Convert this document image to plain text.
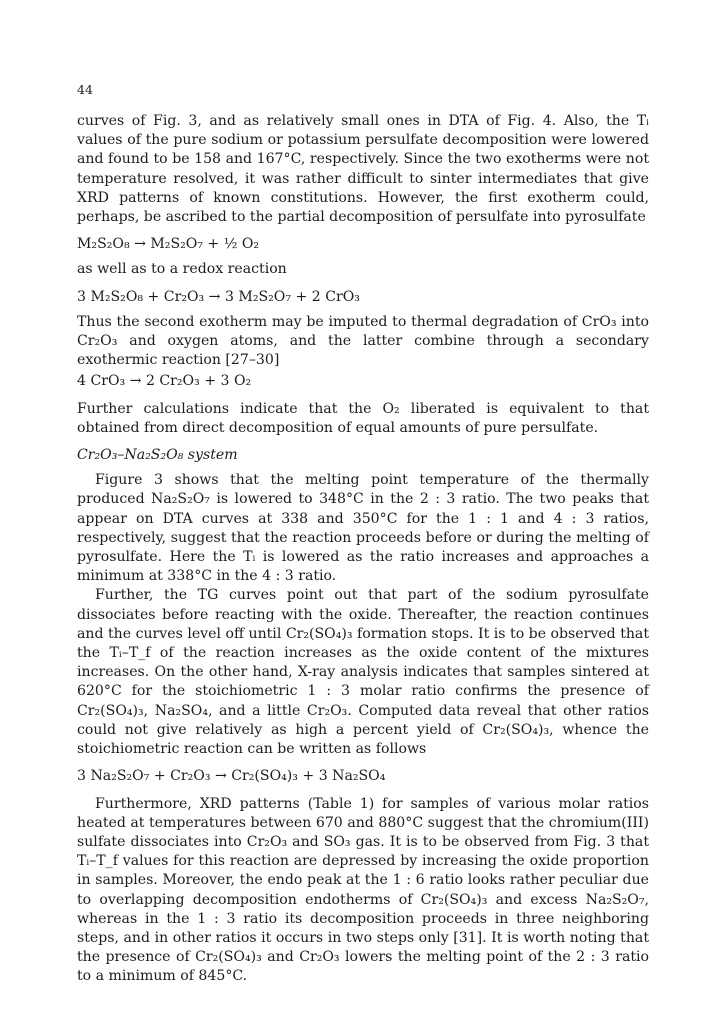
44

curves of Fig. 3, and as relatively small ones in DTA of Fig. 4. Also, the Tᵢ values of the pure sodium or potassium persulfate decomposition were lowered and found to be 158 and 167°C, respectively. Since the two exotherms were not temperature resolved, it was rather difficult to sinter intermediates that give XRD patterns of known constitutions. However, the first exotherm could, perhaps, be ascribed to the partial decomposition of persulfate into pyrosulfate

M₂S₂O₈ → M₂S₂O₇ + ½ O₂

as well as to a redox reaction

3 M₂S₂O₈ + Cr₂O₃ → 3 M₂S₂O₇ + 2 CrO₃

Thus the second exotherm may be imputed to thermal degradation of CrO₃ into Cr₂O₃ and oxygen atoms, and the latter combine through a secondary exothermic reaction [27–30]

4 CrO₃ → 2 Cr₂O₃ + 3 O₂

Further calculations indicate that the O₂ liberated is equivalent to that obtained from direct decomposition of equal amounts of pure persulfate.

Cr₂O₃–Na₂S₂O₈ system

Figure 3 shows that the melting point temperature of the thermally produced Na₂S₂O₇ is lowered to 348°C in the 2 : 3 ratio. The two peaks that appear on DTA curves at 338 and 350°C for the 1 : 1 and 4 : 3 ratios, respectively, suggest that the reaction proceeds before or during the melting of pyrosulfate. Here the Tᵢ is lowered as the ratio increases and approaches a minimum at 338°C in the 4 : 3 ratio.

Further, the TG curves point out that part of the sodium pyrosulfate dissociates before reacting with the oxide. Thereafter, the reaction continues and the curves level off until Cr₂(SO₄)₃ formation stops. It is to be observed that the Tᵢ–T_f of the reaction increases as the oxide content of the mixtures increases. On the other hand, X-ray analysis indicates that samples sintered at 620°C for the stoichiometric 1 : 3 molar ratio confirms the presence of Cr₂(SO₄)₃, Na₂SO₄, and a little Cr₂O₃. Computed data reveal that other ratios could not give relatively as high a percent yield of Cr₂(SO₄)₃, whence the stoichiometric reaction can be written as follows

3 Na₂S₂O₇ + Cr₂O₃ → Cr₂(SO₄)₃ + 3 Na₂SO₄

Furthermore, XRD patterns (Table 1) for samples of various molar ratios heated at temperatures between 670 and 880°C suggest that the chromium(III) sulfate dissociates into Cr₂O₃ and SO₃ gas. It is to be observed from Fig. 3 that Tᵢ–T_f values for this reaction are depressed by increasing the oxide proportion in samples. Moreover, the endo peak at the 1 : 6 ratio looks rather peculiar due to overlapping decomposition endotherms of Cr₂(SO₄)₃ and excess Na₂S₂O₇, whereas in the 1 : 3 ratio its decomposition proceeds in three neighboring steps, and in other ratios it occurs in two steps only [31]. It is worth noting that the presence of Cr₂(SO₄)₃ and Cr₂O₃ lowers the melting point of the 2 : 3 ratio to a minimum of 845°C.
